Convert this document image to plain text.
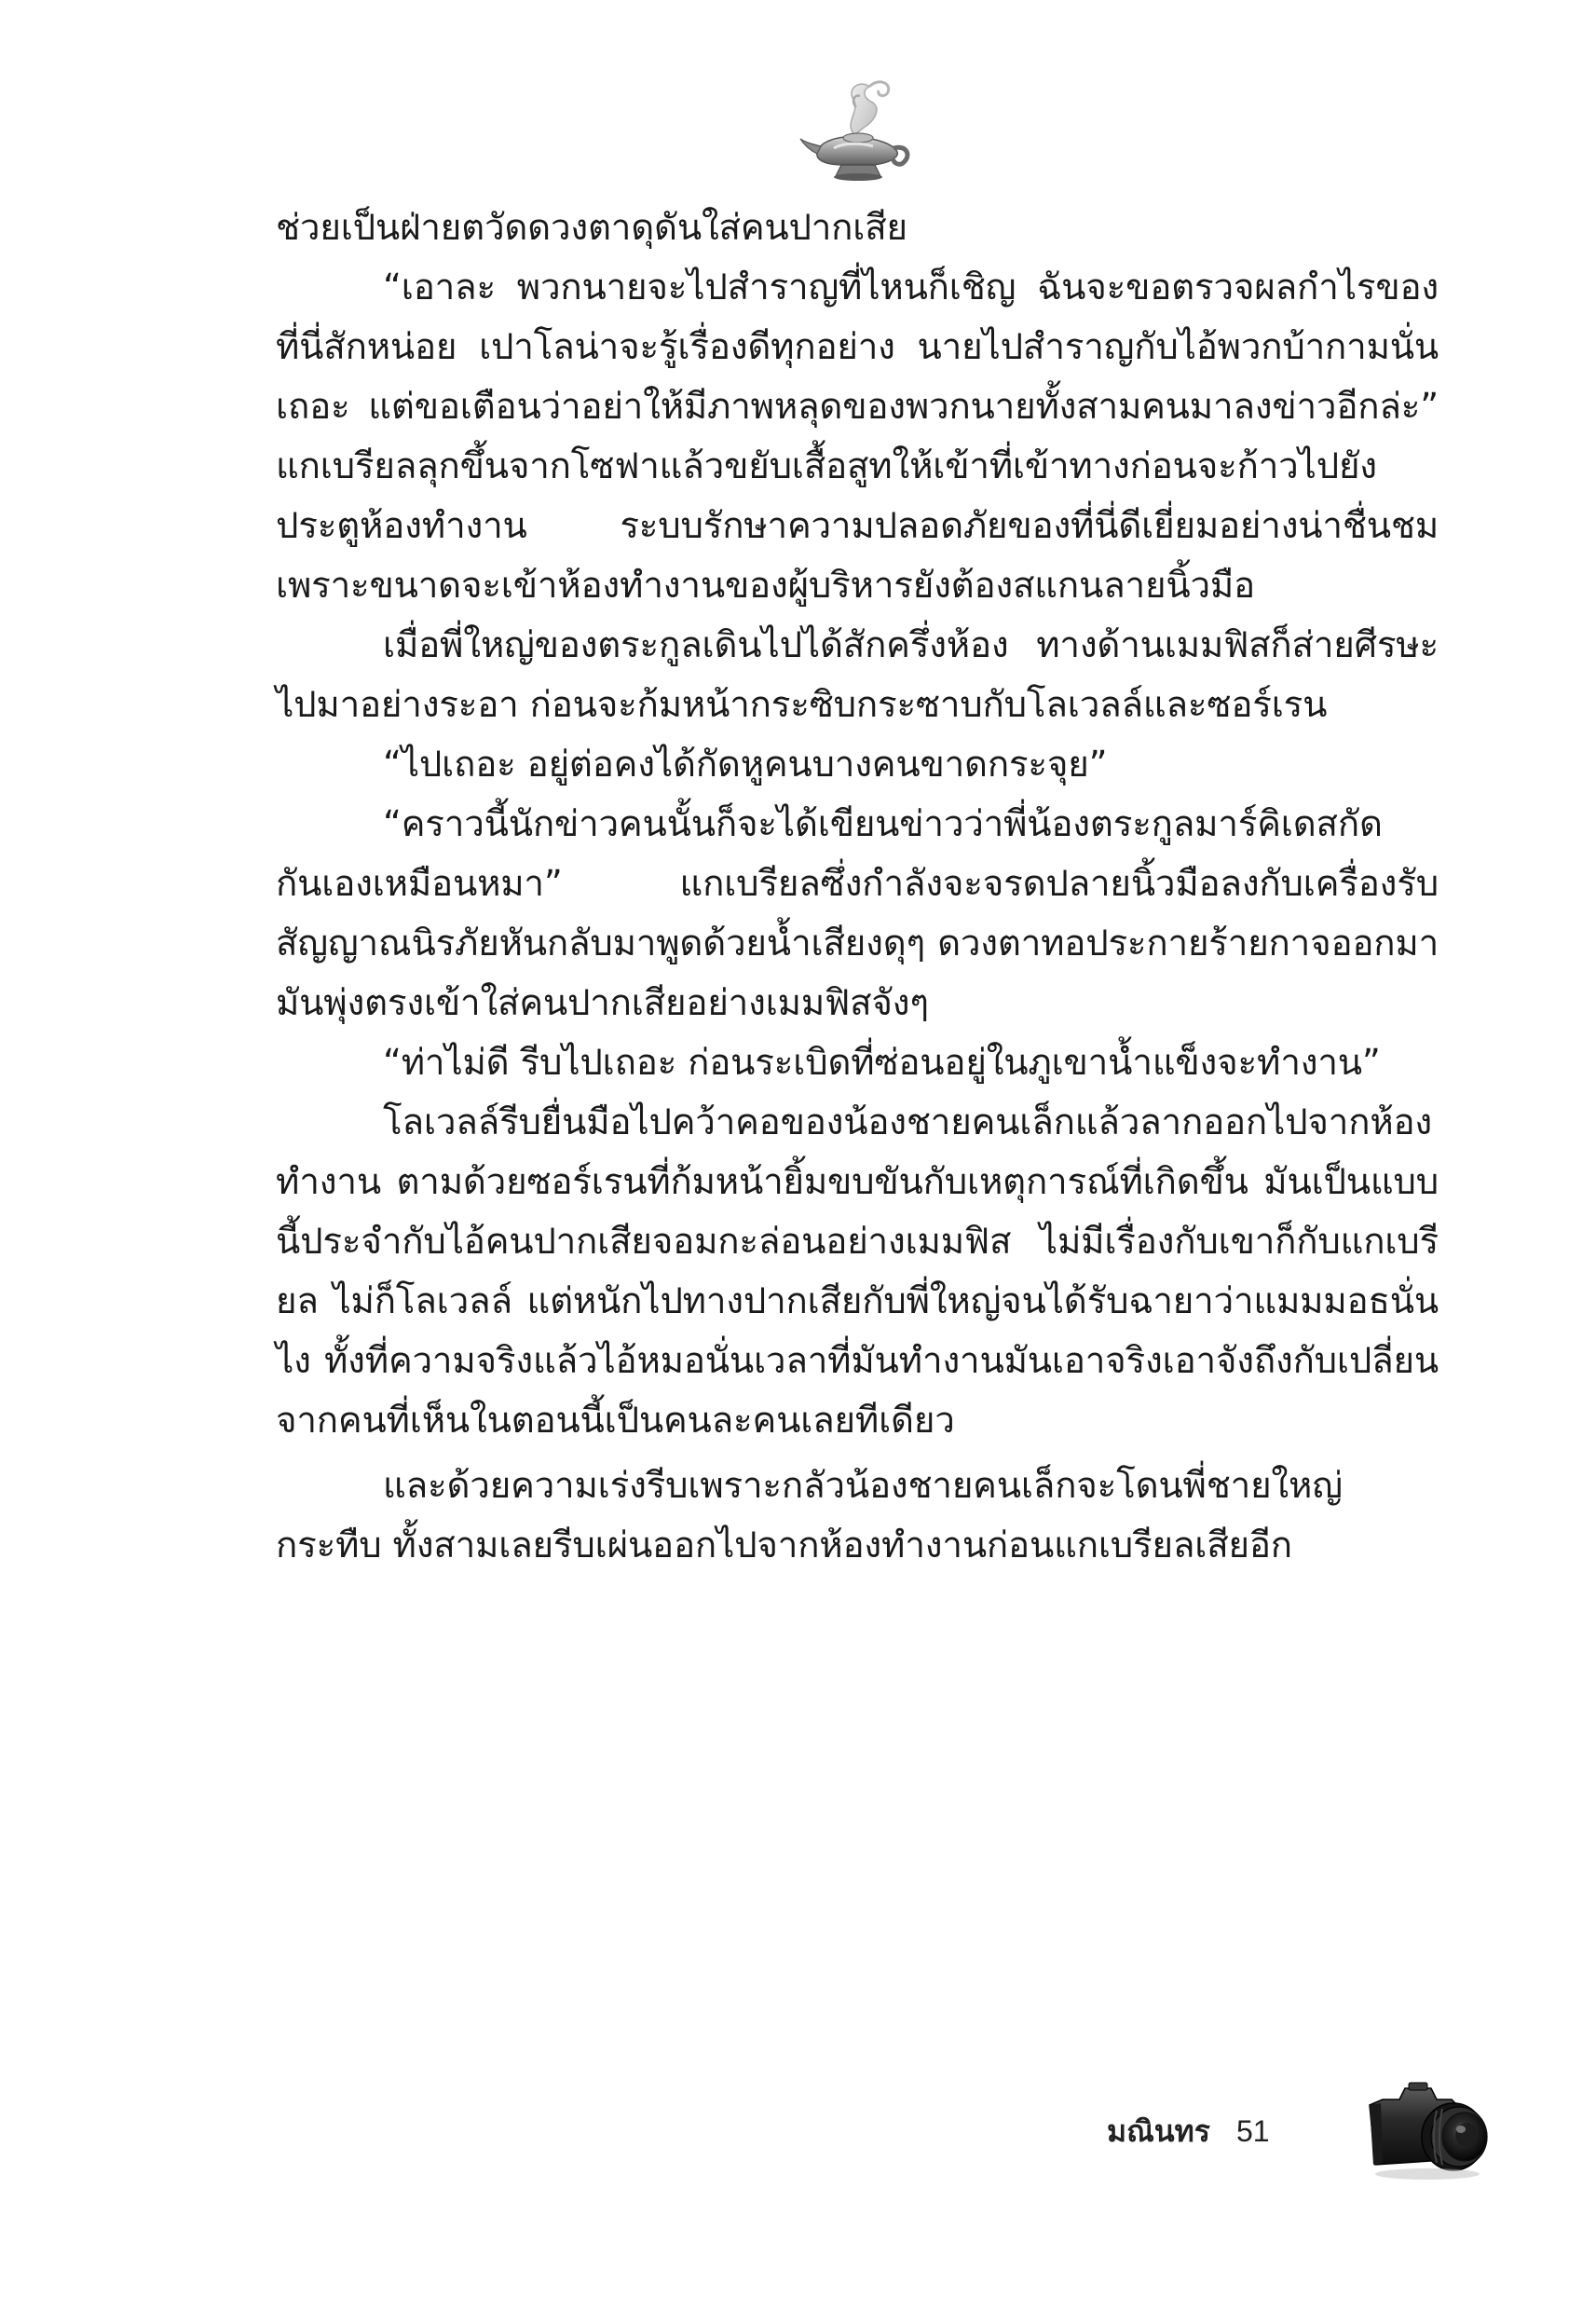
ช่วยเป็นฝ่ายตวัดดวงตาดุดันใส่คนปากเสีย

“เอาละ พวกนายจะไปสำราญที่ไหนก็เชิญ ฉันจะขอตรวจผลกำไรของที่นี่สักหน่อย เปาโลน่าจะรู้เรื่องดีทุกอย่าง นายไปสำราญกับไอ้พวกบ้ากามนั่นเถอะ แต่ขอเตือนว่าอย่าให้มีภาพหลุดของพวกนายทั้งสามคนมาลงข่าวอีกล่ะ” แกเบรียลลุกขึ้นจากโซฟาแล้วขยับเสื้อสูทให้เข้าที่เข้าทางก่อนจะก้าวไปยังประตูห้องทำงาน ระบบรักษาความปลอดภัยของที่นี่ดีเยี่ยมอย่างน่าชื่นชม เพราะขนาดจะเข้าห้องทำงานของผู้บริหารยังต้องสแกนลายนิ้วมือ

เมื่อพี่ใหญ่ของตระกูลเดินไปได้สักครึ่งห้อง ทางด้านเมมฟิสก็ส่ายศีรษะไปมาอย่างระอา ก่อนจะก้มหน้ากระซิบกระซาบกับโลเวลล์และซอร์เรน

“ไปเถอะ อยู่ต่อคงได้กัดหูคนบางคนขาดกระจุย”

“คราวนี้นักข่าวคนนั้นก็จะได้เขียนข่าวว่าพี่น้องตระกูลมาร์คิเดสกัดกันเองเหมือนหมา” แกเบรียลซึ่งกำลังจะจรดปลายนิ้วมือลงกับเครื่องรับสัญญาณนิรภัยหันกลับมาพูดด้วยน้ำเสียงดุๆ ดวงตาทอประกายร้ายกาจออกมา มันพุ่งตรงเข้าใส่คนปากเสียอย่างเมมฟิสจังๆ

“ท่าไม่ดี รีบไปเถอะ ก่อนระเบิดที่ซ่อนอยู่ในภูเขาน้ำแข็งจะทำงาน”

โลเวลล์รีบยื่นมือไปคว้าคอของน้องชายคนเล็กแล้วลากออกไปจากห้องทำงาน ตามด้วยซอร์เรนที่ก้มหน้ายิ้มขบขันกับเหตุการณ์ที่เกิดขึ้น มันเป็นแบบนี้ประจำกับไอ้คนปากเสียจอมกะล่อนอย่างเมมฟิส ไม่มีเรื่องกับเขาก็กับแกเบรียล ไม่ก็โลเวลล์ แต่หนักไปทางปากเสียกับพี่ใหญ่จนได้รับฉายาว่าแมมมอธนั่นไง ทั้งที่ความจริงแล้วไอ้หมอนั่นเวลาที่มันทำงานมันเอาจริงเอาจังถึงกับเปลี่ยนจากคนที่เห็นในตอนนี้เป็นคนละคนเลยทีเดียว

และด้วยความเร่งรีบเพราะกลัวน้องชายคนเล็กจะโดนพี่ชายใหญ่กระทืบ ทั้งสามเลยรีบเผ่นออกไปจากห้องทำงานก่อนแกเบรียลเสียอีก

มณินทร 51
